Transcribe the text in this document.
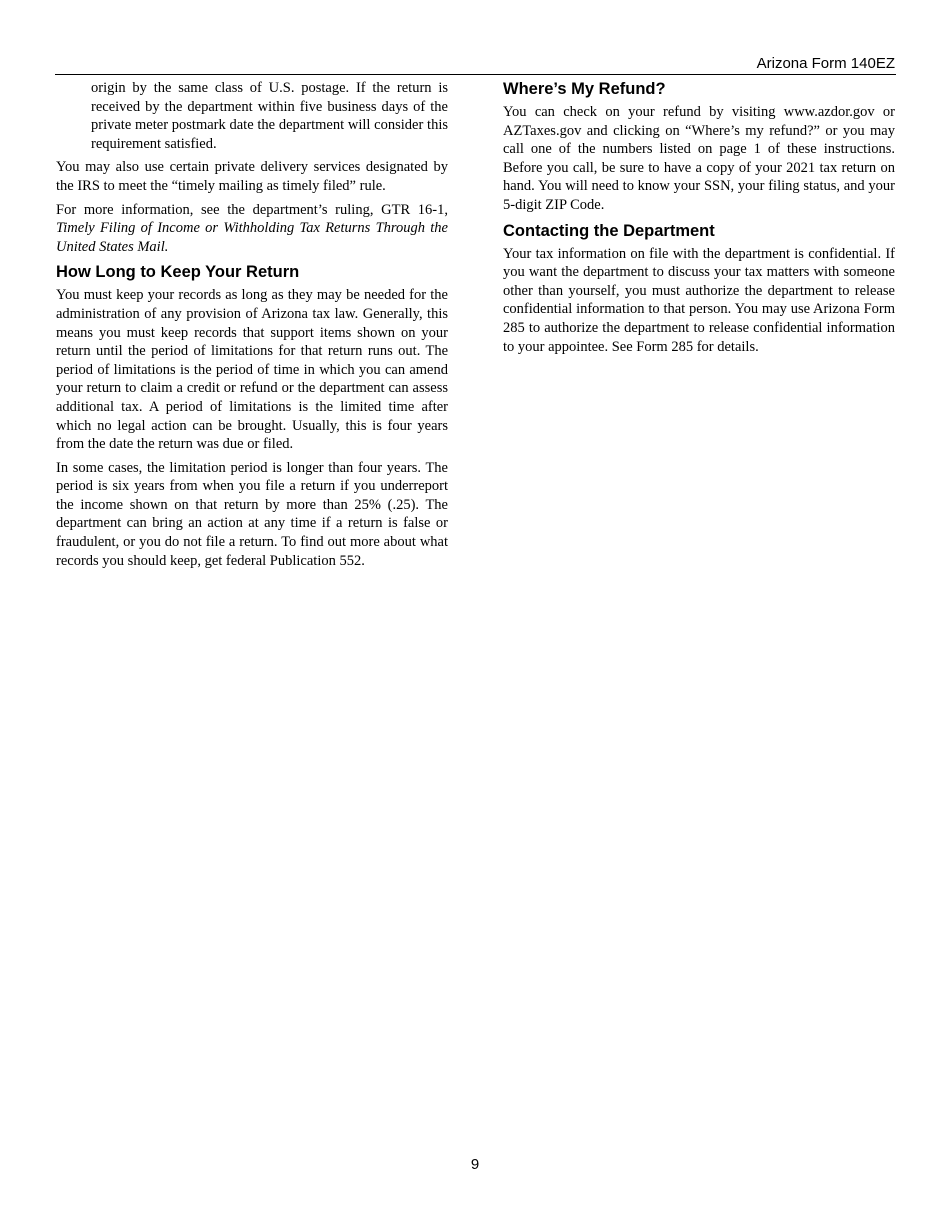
Arizona Form 140EZ

origin by the same class of U.S. postage. If the return is received by the department within five business days of the private meter postmark date the department will consider this requirement satisfied.

You may also use certain private delivery services designated by the IRS to meet the “timely mailing as timely filed” rule.

For more information, see the department’s ruling, GTR 16-1, Timely Filing of Income or Withholding Tax Returns Through the United States Mail.

How Long to Keep Your Return

You must keep your records as long as they may be needed for the administration of any provision of Arizona tax law. Generally, this means you must keep records that support items shown on your return until the period of limitations for that return runs out. The period of limitations is the period of time in which you can amend your return to claim a credit or refund or the department can assess additional tax. A period of limitations is the limited time after which no legal action can be brought. Usually, this is four years from the date the return was due or filed.

In some cases, the limitation period is longer than four years. The period is six years from when you file a return if you underreport the income shown on that return by more than 25% (.25). The department can bring an action at any time if a return is false or fraudulent, or you do not file a return. To find out more about what records you should keep, get federal Publication 552.

Where’s My Refund?

You can check on your refund by visiting www.azdor.gov or AZTaxes.gov and clicking on “Where’s my refund?” or you may call one of the numbers listed on page 1 of these instructions. Before you call, be sure to have a copy of your 2021 tax return on hand. You will need to know your SSN, your filing status, and your 5-digit ZIP Code.

Contacting the Department

Your tax information on file with the department is confidential. If you want the department to discuss your tax matters with someone other than yourself, you must authorize the department to release confidential information to that person. You may use Arizona Form 285 to authorize the department to release confidential information to your appointee. See Form 285 for details.

9
